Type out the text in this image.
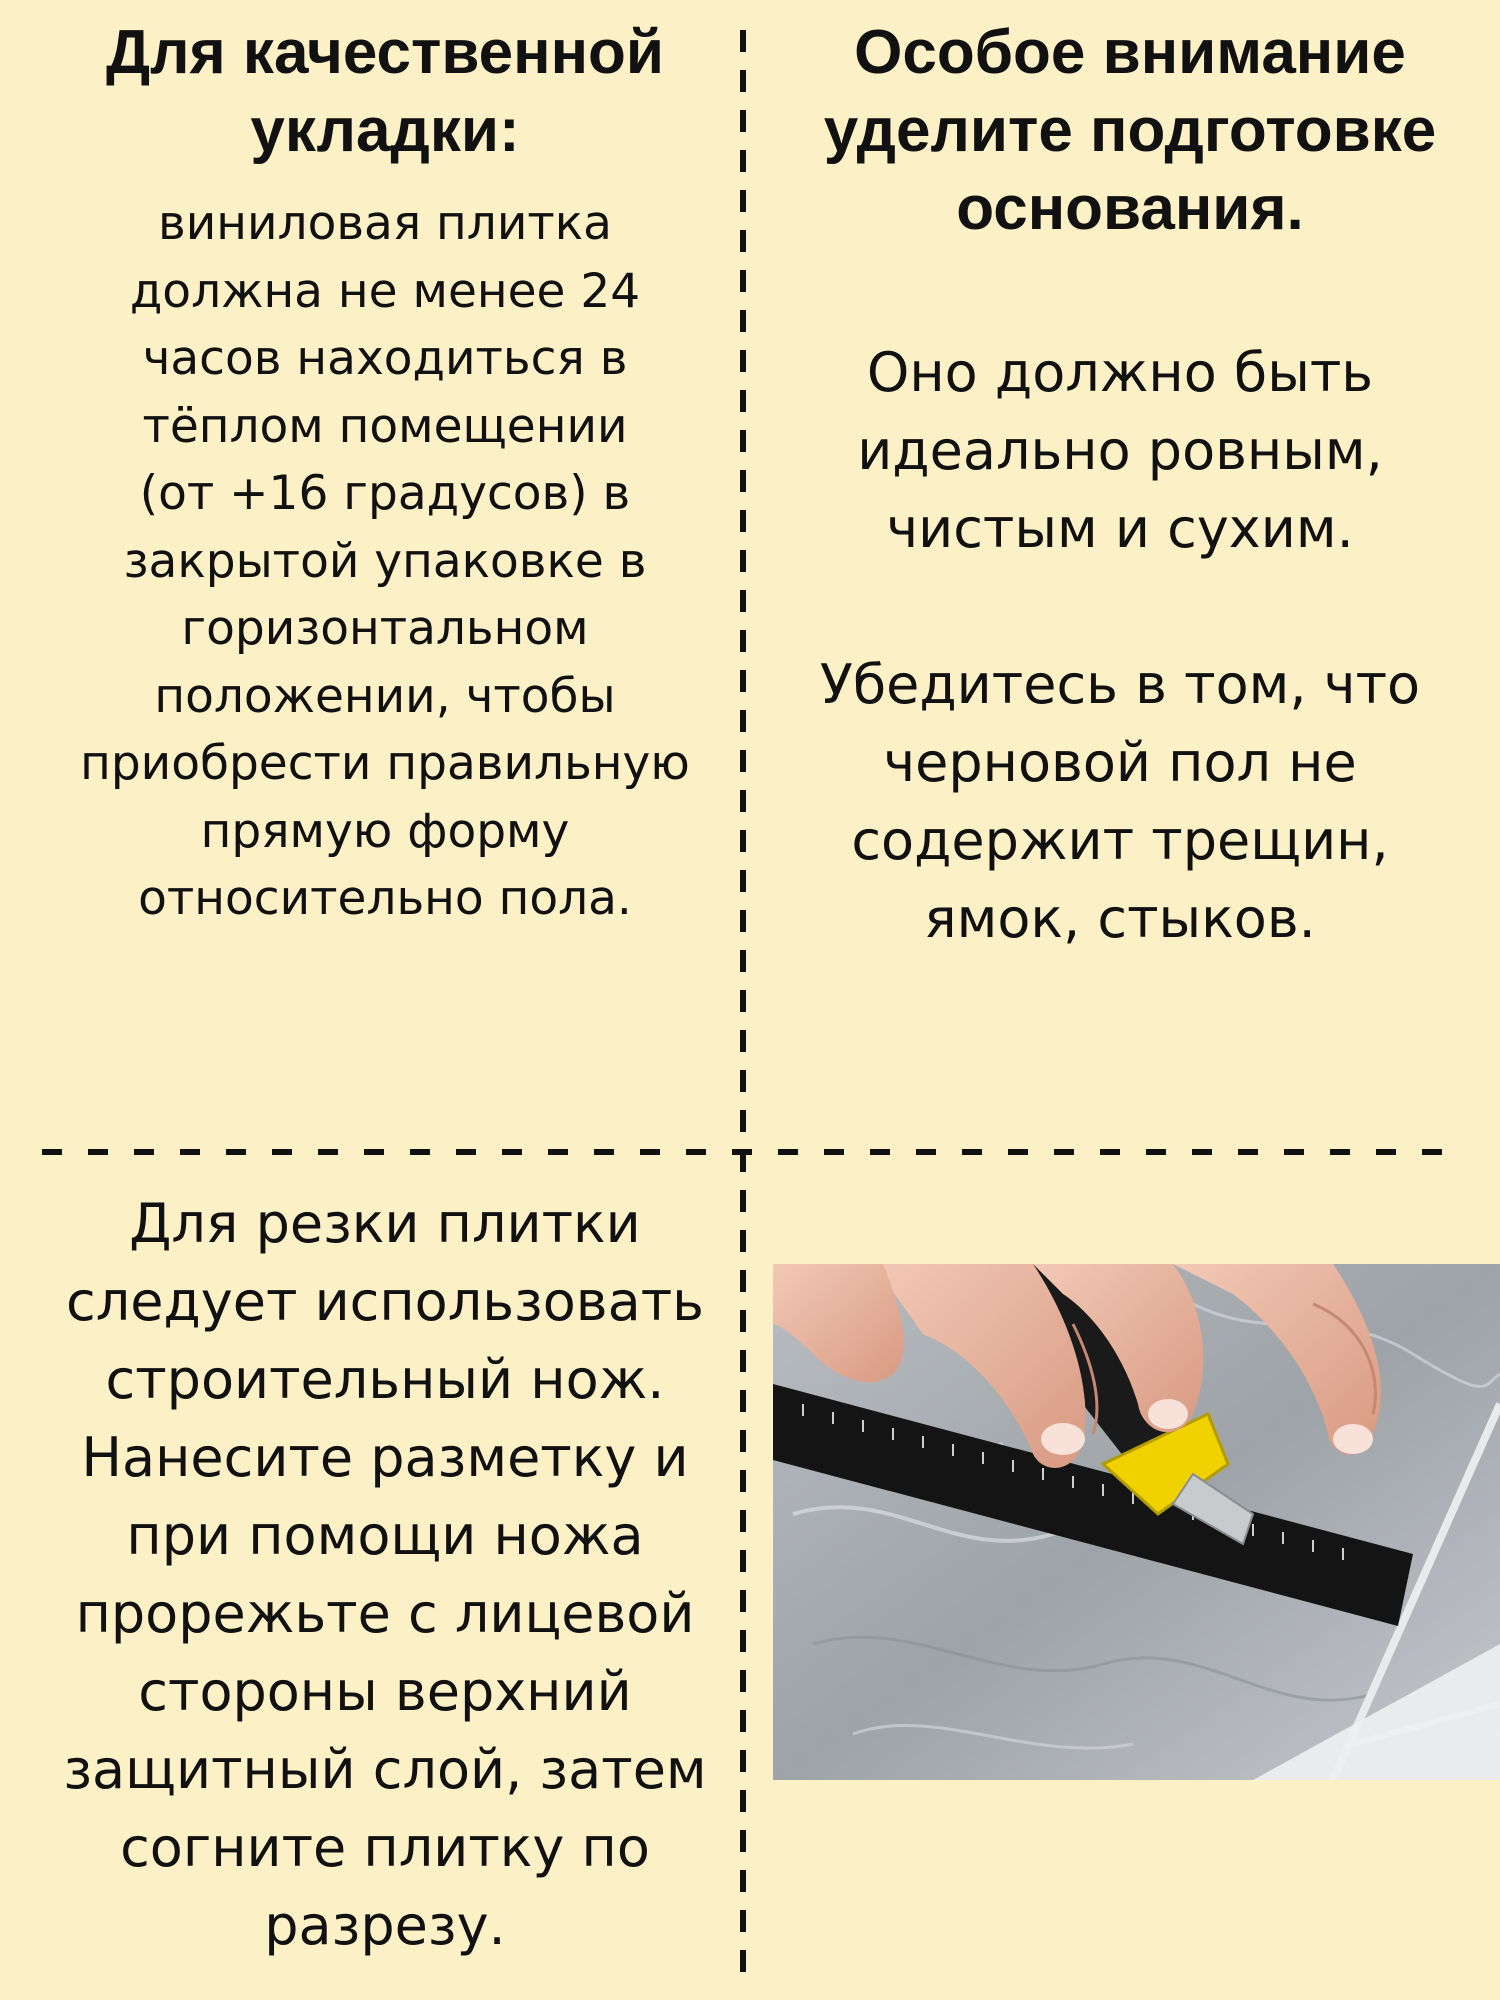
Для качественной
укладки:
виниловая плитка
должна не менее 24
часов находиться в
тёплом помещении
(от +16 градусов) в
закрытой упаковке в
горизонтальном
положении, чтобы
приобрести правильную
прямую форму
относительно пола.
Особое внимание
уделите подготовке
основания.
Оно должно быть
идеально ровным,
чистым и сухим.
Убедитесь в том, что
черновой пол не
содержит трещин,
ямок, стыков.
Для резки плитки
следует использовать
строительный нож.
Нанесите разметку и
при помощи ножа
прорежьте с лицевой
стороны верхний
защитный слой, затем
согните плитку по
разрезу.
